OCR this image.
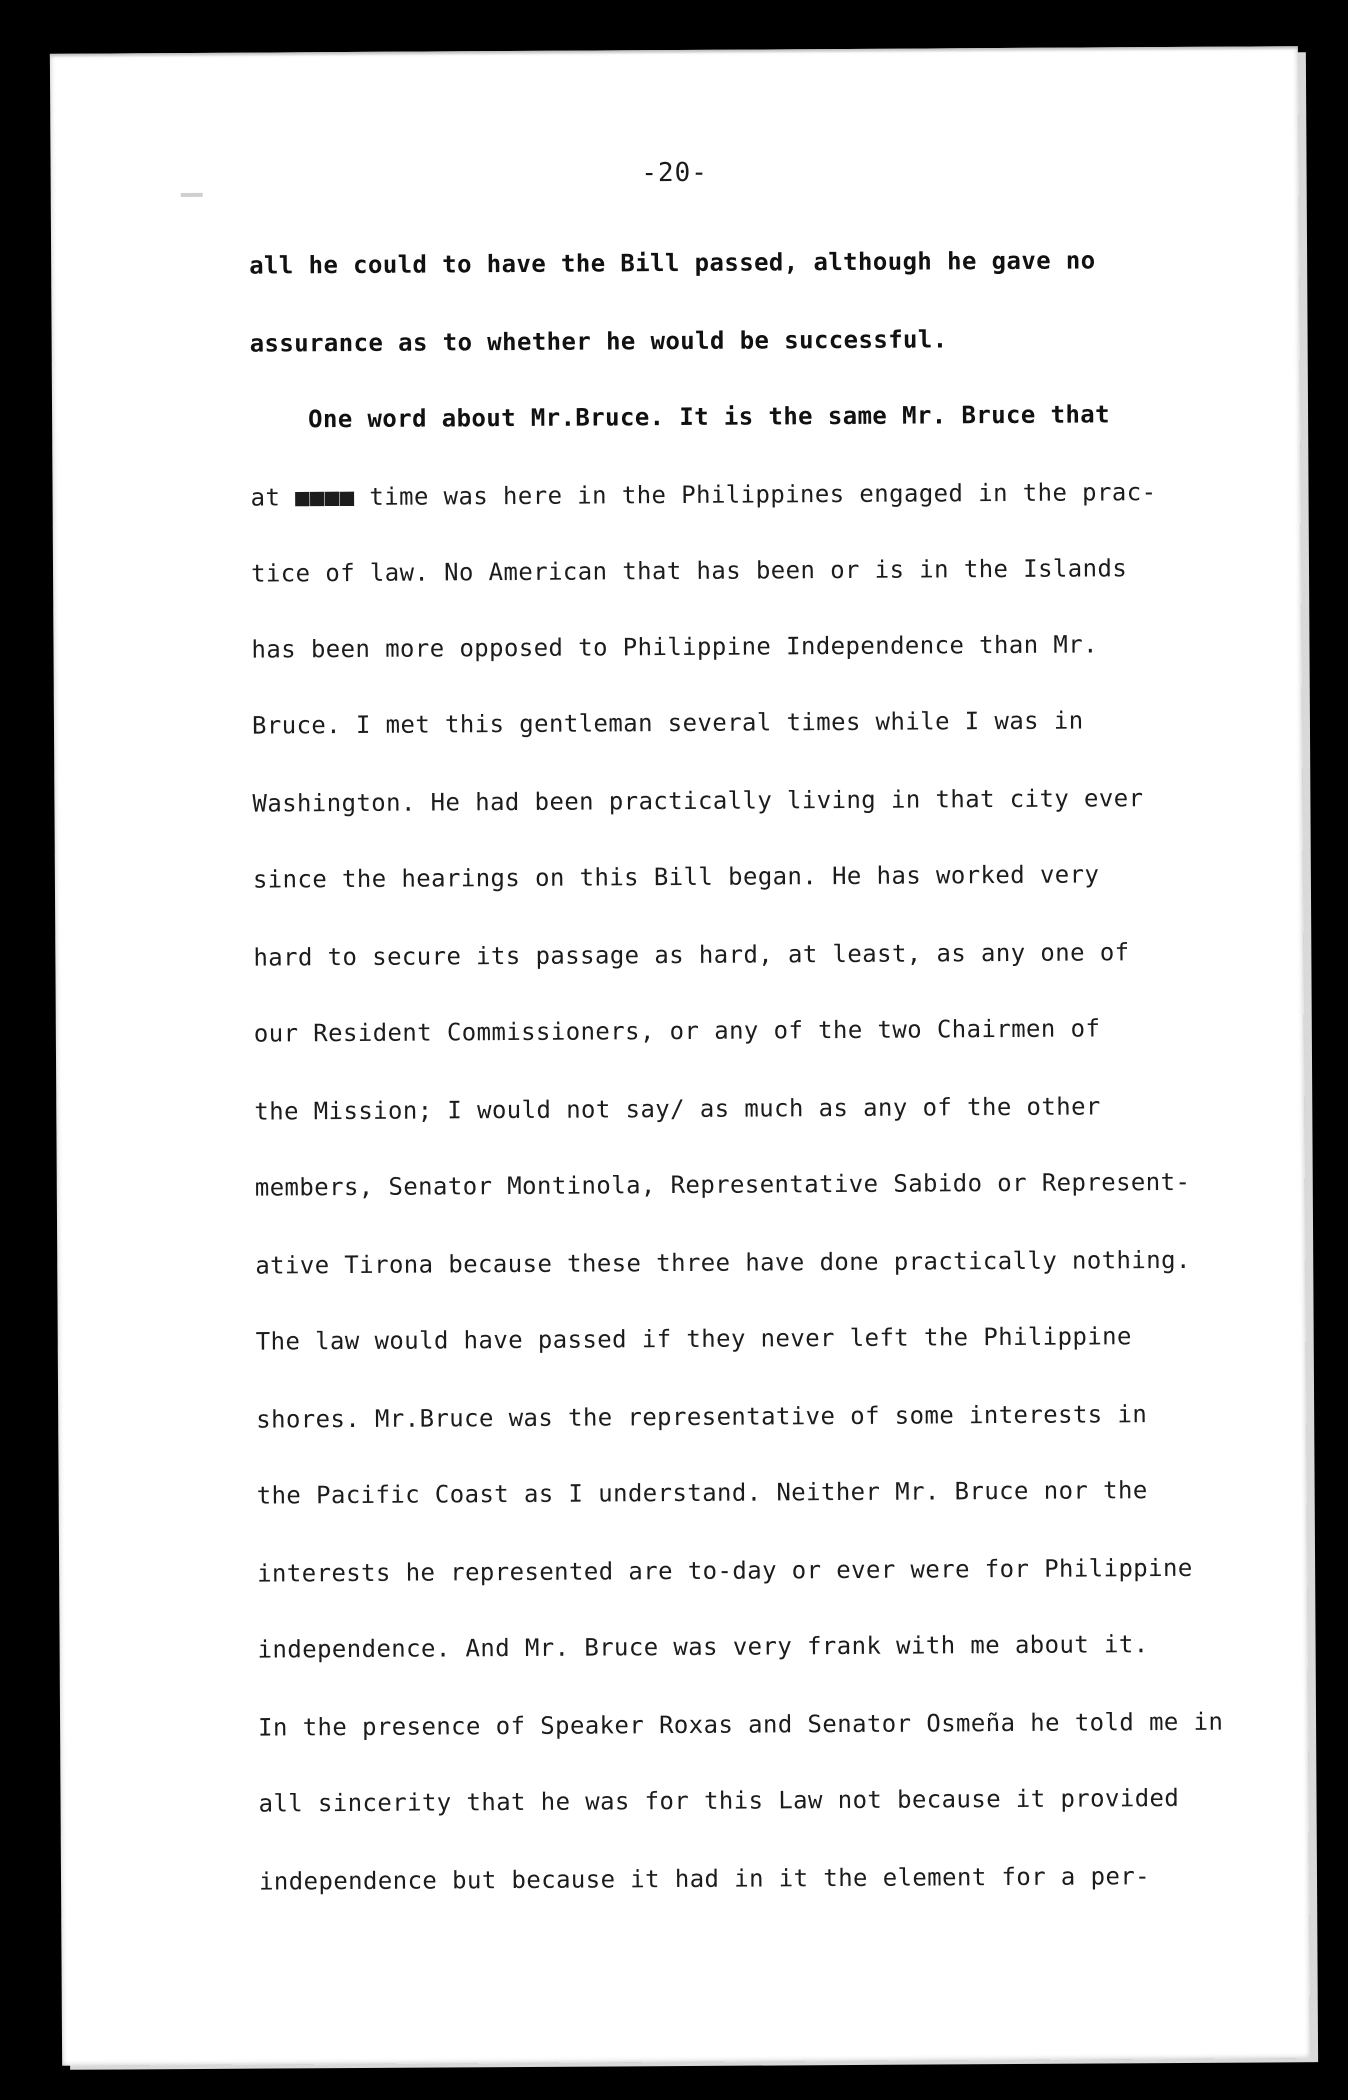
-20-
all he could to have the Bill passed, although he gave no
assurance as to whether he would be successful.
One word about Mr.Bruce. It is the same Mr. Bruce that
at ■■■■ time was here in the Philippines engaged in the prac-
tice of law. No American that has been or is in the Islands
has been more opposed to Philippine Independence than Mr.
Bruce. I met this gentleman several times while I was in
Washington. He had been practically living in that city ever
since the hearings on this Bill began. He has worked very
hard to secure its passage as hard, at least, as any one of
our Resident Commissioners, or any of the two Chairmen of
the Mission; I would not say/ as much as any of the other
members, Senator Montinola, Representative Sabido or Represent-
ative Tirona because these three have done practically nothing.
The law would have passed if they never left the Philippine
shores. Mr.Bruce was the representative of some interests in
the Pacific Coast as I understand. Neither Mr. Bruce nor the
interests he represented are to-day or ever were for Philippine
independence. And Mr. Bruce was very frank with me about it.
In the presence of Speaker Roxas and Senator Osmeña he told me in
all sincerity that he was for this Law not because it provided
independence but because it had in it the element for a per-
